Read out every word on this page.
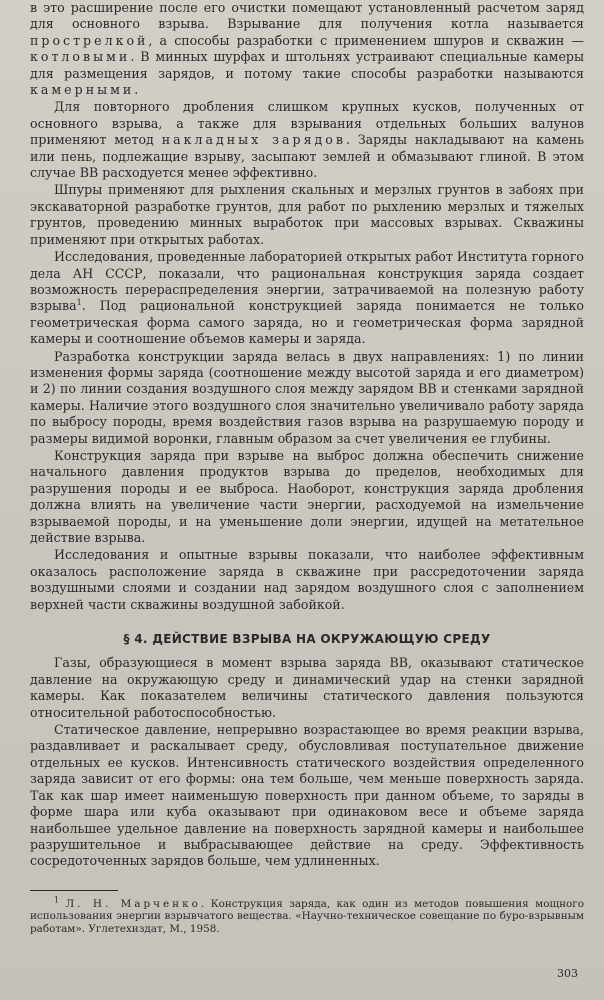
в это расширение после его очистки помещают установленный расчетом заряд для основного взрыва. Взрывание для получения котла называется прострелкой, а способы разработки с применением шпуров и скважин — котловыми. В минных шурфах и штольнях устраивают специальные камеры для размещения зарядов, и потому такие способы разработки называются камерными.

Для повторного дробления слишком крупных кусков, полученных от основного взрыва, а также для взрывания отдельных больших валунов применяют метод накладных зарядов. Заряды накладывают на камень или пень, подлежащие взрыву, засыпают землей и обмазывают глиной. В этом случае ВВ расходуется менее эффективно.

Шпуры применяют для рыхления скальных и мерзлых грунтов в забоях при экскаваторной разработке грунтов, для работ по рыхлению мерзлых и тяжелых грунтов, проведению минных выработок при массовых взрывах. Скважины применяют при открытых работах.

Исследования, проведенные лабораторией открытых работ Института горного дела АН СССР, показали, что рациональная конструкция заряда создает возможность перераспределения энергии, затрачиваемой на полезную работу взрыва$^1$. Под рациональной конструкцией заряда понимается не только геометрическая форма самого заряда, но и геометрическая форма зарядной камеры и соотношение объемов камеры и заряда.

Разработка конструкции заряда велась в двух направлениях: 1) по линии изменения формы заряда (соотношение между высотой заряда и его диаметром) и 2) по линии создания воздушного слоя между зарядом ВВ и стенками зарядной камеры. Наличие этого воздушного слоя значительно увеличивало работу заряда по выбросу породы, время воздействия газов взрыва на разрушаемую породу и размеры видимой воронки, главным образом за счет увеличения ее глубины.

Конструкция заряда при взрыве на выброс должна обеспечить снижение начального давления продуктов взрыва до пределов, необходимых для разрушения породы и ее выброса. Наоборот, конструкция заряда дробления должна влиять на увеличение части энергии, расходуемой на измельчение взрываемой породы, и на уменьшение доли энергии, идущей на метательное действие взрыва.

Исследования и опытные взрывы показали, что наиболее эффективным оказалось расположение заряда в скважине при рассредоточении заряда воздушными слоями и создании над зарядом воздушного слоя с заполнением верхней части скважины воздушной забойкой.

§ 4. ДЕЙСТВИЕ ВЗРЫВА НА ОКРУЖАЮЩУЮ СРЕДУ

Газы, образующиеся в момент взрыва заряда ВВ, оказывают статическое давление на окружающую среду и динамический удар на стенки зарядной камеры. Как показателем величины статического давления пользуются относительной работоспособностью.

Статическое давление, непрерывно возрастающее во время реакции взрыва, раздавливает и раскалывает среду, обусловливая поступательное движение отдельных ее кусков. Интенсивность статического воздействия определенного заряда зависит от его формы: она тем больше, чем меньше поверхность заряда. Так как шар имеет наименьшую поверхность при данном объеме, то заряды в форме шара или куба оказывают при одинаковом весе и объеме заряда наибольшее удельное давление на поверхность зарядной камеры и наибольшее разрушительное и выбрасывающее действие на среду. Эффективность сосредоточенных зарядов больше, чем удлиненных.

$^1$ Л. Н. Марченко. Конструкция заряда, как один из методов повышения мощного использования энергии взрывчатого вещества. «Научно-техническое совещание по буро-взрывным работам». Углетехиздат, М., 1958.
303
